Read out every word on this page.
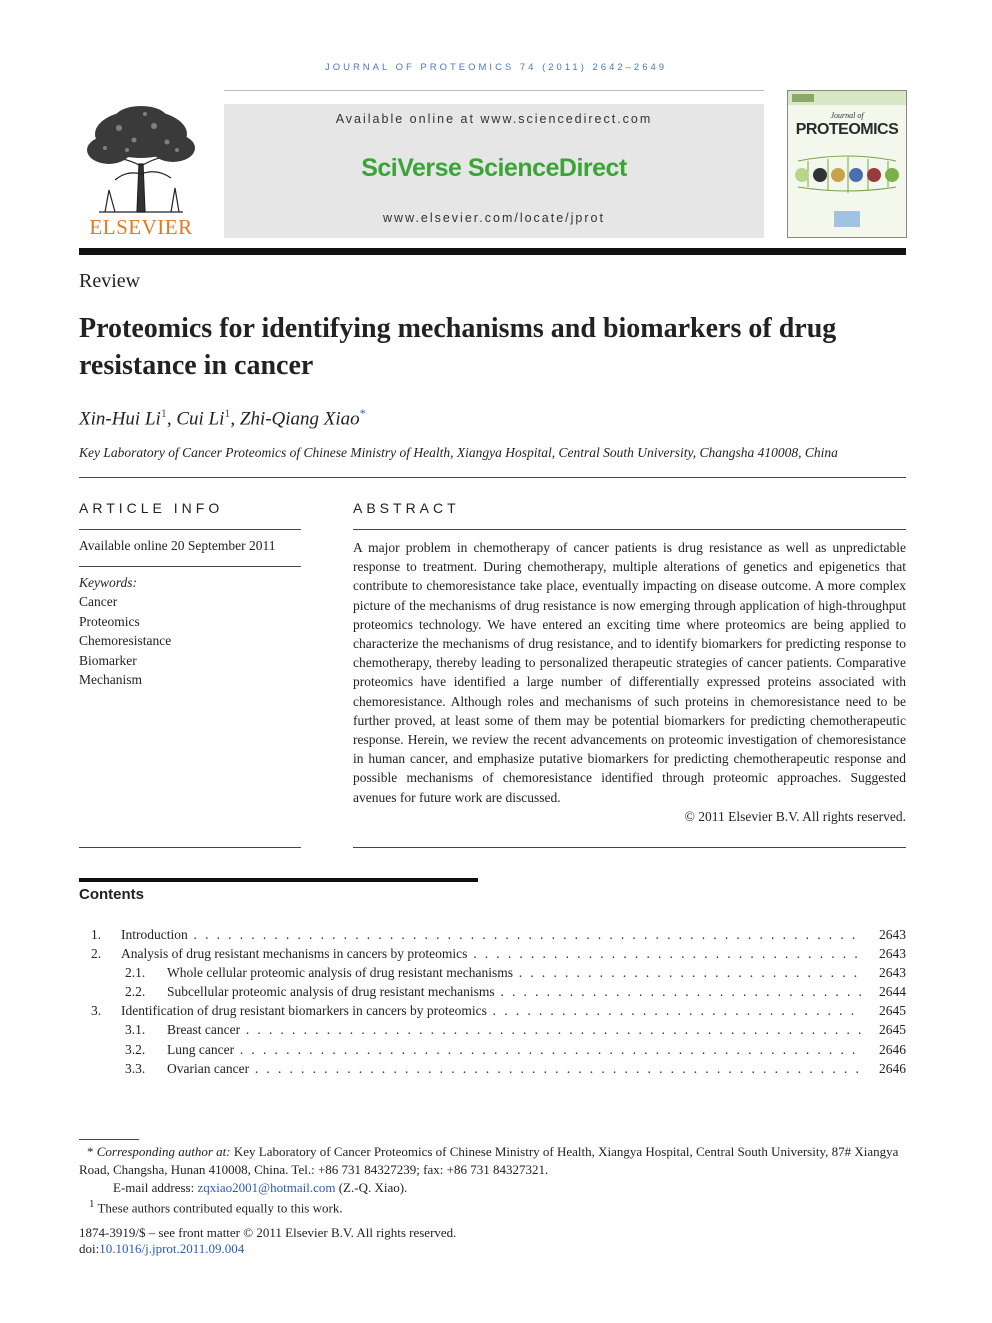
JOURNAL OF PROTEOMICS 74 (2011) 2642–2649
ELSEVIER
Available online at www.sciencedirect.com
SciVerse ScienceDirect
www.elsevier.com/locate/jprot
Journal of
PROTEOMICS
Review
Proteomics for identifying mechanisms and biomarkers of drug resistance in cancer
Xin-Hui Li$^1$, Cui Li$^1$, Zhi-Qiang Xiao*
Key Laboratory of Cancer Proteomics of Chinese Ministry of Health, Xiangya Hospital, Central South University, Changsha 410008, China
ARTICLE INFO
Available online 20 September 2011
Keywords:
Cancer
Proteomics
Chemoresistance
Biomarker
Mechanism
ABSTRACT
A major problem in chemotherapy of cancer patients is drug resistance as well as unpredictable response to treatment. During chemotherapy, multiple alterations of genetics and epigenetics that contribute to chemoresistance take place, eventually impacting on disease outcome. A more complex picture of the mechanisms of drug resistance is now emerging through application of high-throughput proteomics technology. We have entered an exciting time where proteomics are being applied to characterize the mechanisms of drug resistance, and to identify biomarkers for predicting response to chemotherapy, thereby leading to personalized therapeutic strategies of cancer patients. Comparative proteomics have identified a large number of differentially expressed proteins associated with chemoresistance. Although roles and mechanisms of such proteins in chemoresistance need to be further proved, at least some of them may be potential biomarkers for predicting chemotherapeutic response. Herein, we review the recent advancements on proteomic investigation of chemoresistance in human cancer, and emphasize putative biomarkers for predicting chemotherapeutic response and possible mechanisms of chemoresistance identified through proteomic approaches. Suggested avenues for future work are discussed.
© 2011 Elsevier B.V. All rights reserved.
Contents
1. Introduction . . .	2643
2. Analysis of drug resistant mechanisms in cancers by proteomics . . .	2643
2.1. Whole cellular proteomic analysis of drug resistant mechanisms . . .	2643
2.2. Subcellular proteomic analysis of drug resistant mechanisms . . .	2644
3. Identification of drug resistant biomarkers in cancers by proteomics . . .	2645
3.1. Breast cancer . . .	2645
3.2. Lung cancer . . .	2646
3.3. Ovarian cancer . . .	2646
* Corresponding author at: Key Laboratory of Cancer Proteomics of Chinese Ministry of Health, Xiangya Hospital, Central South University, 87# Xiangya Road, Changsha, Hunan 410008, China. Tel.: +86 731 84327239; fax: +86 731 84327321.
E-mail address: zqxiao2001@hotmail.com (Z.-Q. Xiao).
$^1$ These authors contributed equally to this work.
1874-3919/$ – see front matter © 2011 Elsevier B.V. All rights reserved.
doi:10.1016/j.jprot.2011.09.004
